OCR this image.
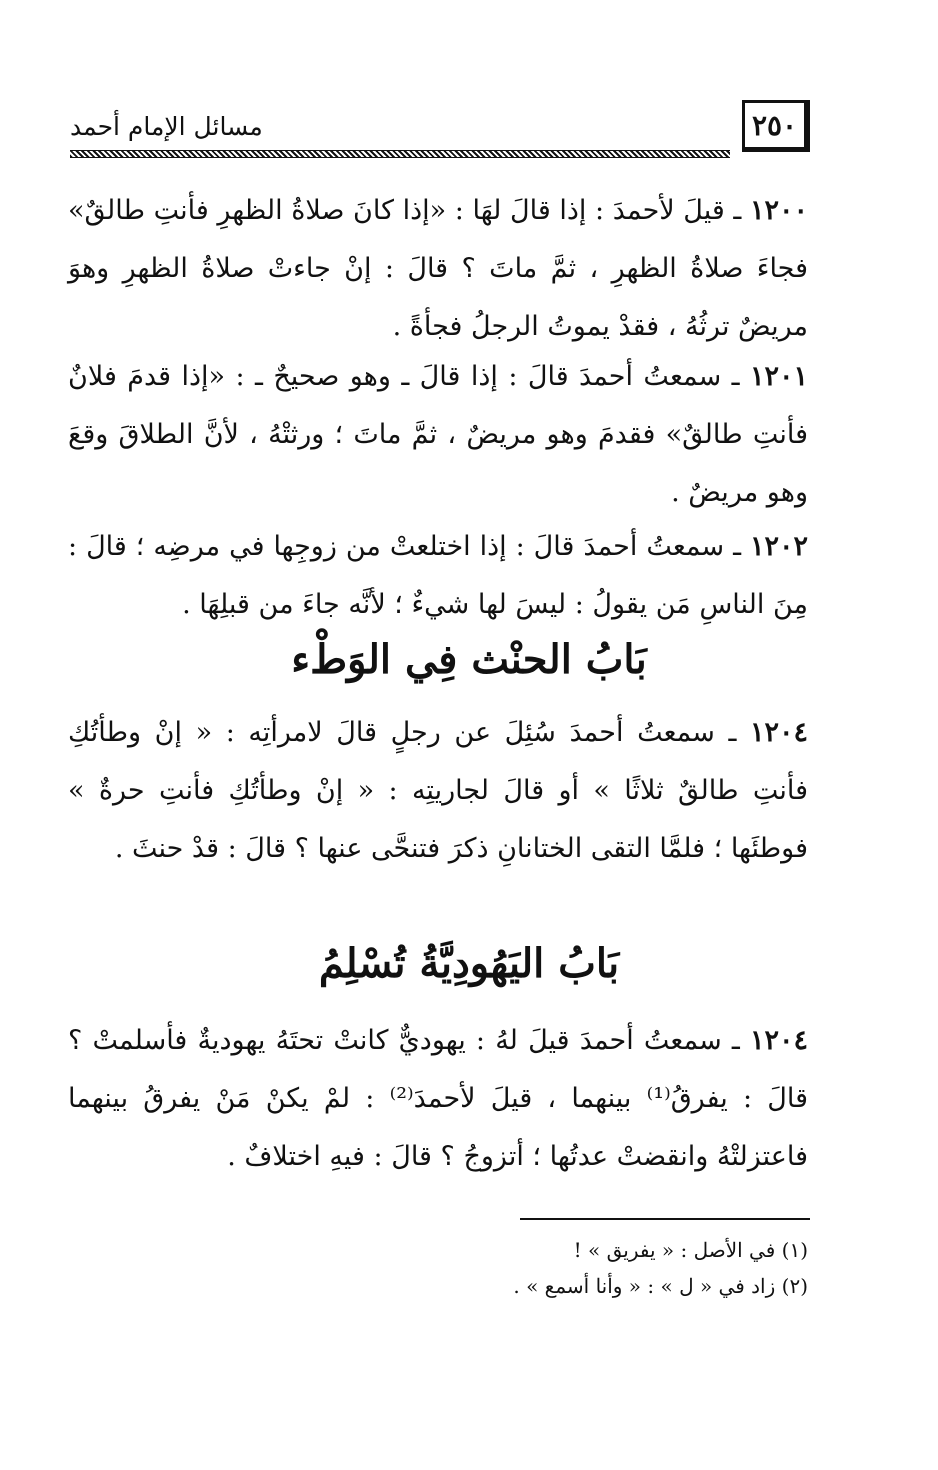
٢٥٠
مسائل الإمام أحمد
١٢٠٠ ـ قيلَ لأحمدَ : إذا قالَ لهَا : «إذا كانَ صلاةُ الظهرِ فأنتِ طالقٌ» فجاءَ صلاةُ الظهرِ ، ثمَّ ماتَ ؟ قالَ : إنْ جاءتْ صلاةُ الظهرِ وهوَ مريضٌ ترثُهُ ، فقدْ يموتُ الرجلُ فجأةً .
١٢٠١ ـ سمعتُ أحمدَ قالَ : إذا قالَ ـ وهو صحيحٌ ـ : «إذا قدمَ فلانٌ فأنتِ طالقٌ» فقدمَ وهو مريضٌ ، ثمَّ ماتَ ؛ ورثتْهُ ، لأنَّ الطلاقَ وقعَ وهو مريضٌ .
١٢٠٢ ـ سمعتُ أحمدَ قالَ : إذا اختلعتْ من زوجِها في مرضِه ؛ قالَ : مِنَ الناسِ مَن يقولُ : ليسَ لها شيءٌ ؛ لأنَّه جاءَ من قبلِهَا .
بَابُ الحنْث فِي الوَطْء
١٢٠٤ ـ سمعتُ أحمدَ سُئِلَ عن رجلٍ قالَ لامرأتِه : « إنْ وطأتُكِ فأنتِ طالقٌ ثلاثًا » أو قالَ لجاريتِه : « إنْ وطأتُكِ فأنتِ حرةٌ » فوطئَها ؛ فلمَّا التقى الختانانِ ذكرَ فتنحَّى عنها ؟ قالَ : قدْ حنثَ .
بَابُ اليَهُودِيَّةُ تُسْلِمُ
١٢٠٤ ـ سمعتُ أحمدَ قيلَ لهُ : يهوديٌّ كانتْ تحتَهُ يهوديةٌ فأسلمتْ ؟ قالَ : يفرقُ⁽¹⁾ بينهما ، قيلَ لأحمدَ⁽²⁾ : لمْ يكنْ مَنْ يفرقُ بينهما فاعتزلتْهُ وانقضتْ عدتُها ؛ أتزوجُ ؟ قالَ : فيهِ اختلافٌ .
(١) في الأصل : « يفريق » !
(٢) زاد في « ل » : « وأنا أسمع » .
